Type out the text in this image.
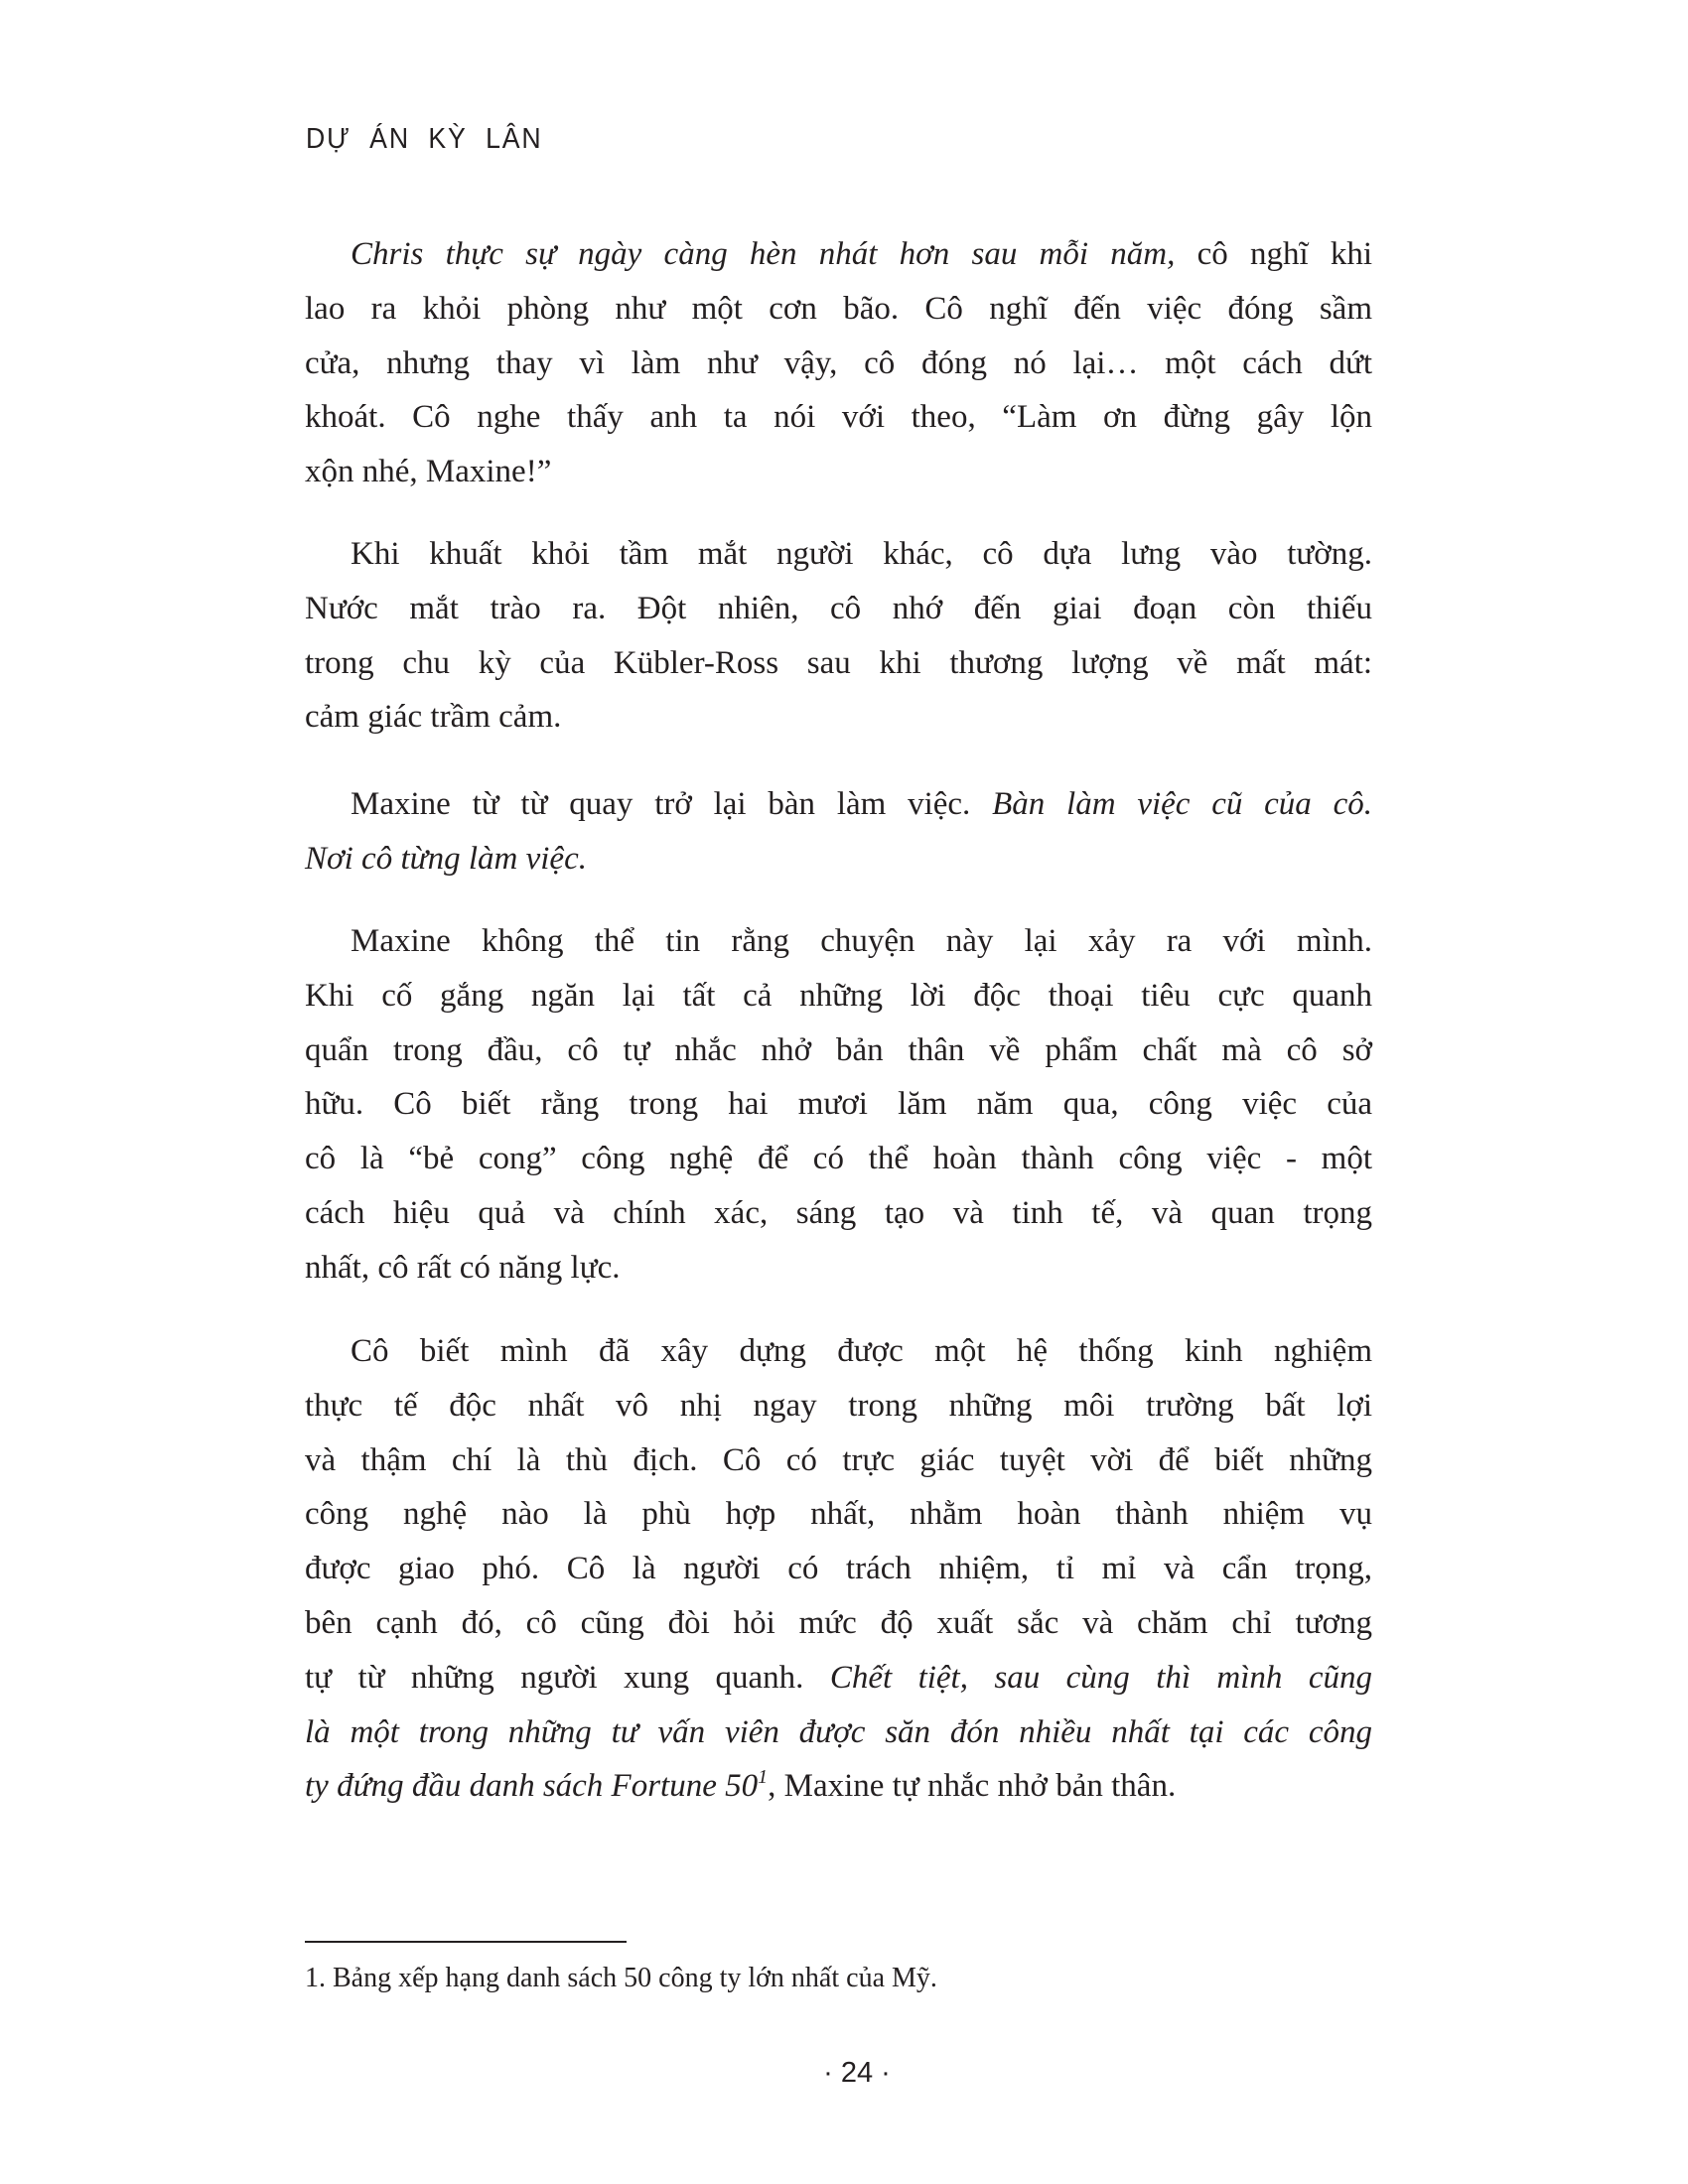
DỰ ÁN KỲ LÂN
Chris thực sự ngày càng hèn nhát hơn sau mỗi năm, cô nghĩ khi
lao ra khỏi phòng như một cơn bão. Cô nghĩ đến việc đóng sầm
cửa, nhưng thay vì làm như vậy, cô đóng nó lại… một cách dứt
khoát. Cô nghe thấy anh ta nói với theo, “Làm ơn đừng gây lộn
xộn nhé, Maxine!”
Khi khuất khỏi tầm mắt người khác, cô dựa lưng vào tường.
Nước mắt trào ra. Đột nhiên, cô nhớ đến giai đoạn còn thiếu
trong chu kỳ của Kübler-Ross sau khi thương lượng về mất mát:
cảm giác trầm cảm.
Maxine từ từ quay trở lại bàn làm việc. Bàn làm việc cũ của cô.
Nơi cô từng làm việc.
Maxine không thể tin rằng chuyện này lại xảy ra với mình.
Khi cố gắng ngăn lại tất cả những lời độc thoại tiêu cực quanh
quẩn trong đầu, cô tự nhắc nhở bản thân về phẩm chất mà cô sở
hữu. Cô biết rằng trong hai mươi lăm năm qua, công việc của
cô là “bẻ cong” công nghệ để có thể hoàn thành công việc - một
cách hiệu quả và chính xác, sáng tạo và tinh tế, và quan trọng
nhất, cô rất có năng lực.
Cô biết mình đã xây dựng được một hệ thống kinh nghiệm
thực tế độc nhất vô nhị ngay trong những môi trường bất lợi
và thậm chí là thù địch. Cô có trực giác tuyệt vời để biết những
công nghệ nào là phù hợp nhất, nhằm hoàn thành nhiệm vụ
được giao phó. Cô là người có trách nhiệm, tỉ mỉ và cẩn trọng,
bên cạnh đó, cô cũng đòi hỏi mức độ xuất sắc và chăm chỉ tương
tự từ những người xung quanh. Chết tiệt, sau cùng thì mình cũng
là một trong những tư vấn viên được săn đón nhiều nhất tại các công
ty đứng đầu danh sách Fortune $50^1$, Maxine tự nhắc nhở bản thân.
1. Bảng xếp hạng danh sách 50 công ty lớn nhất của Mỹ.
· 24 ·
